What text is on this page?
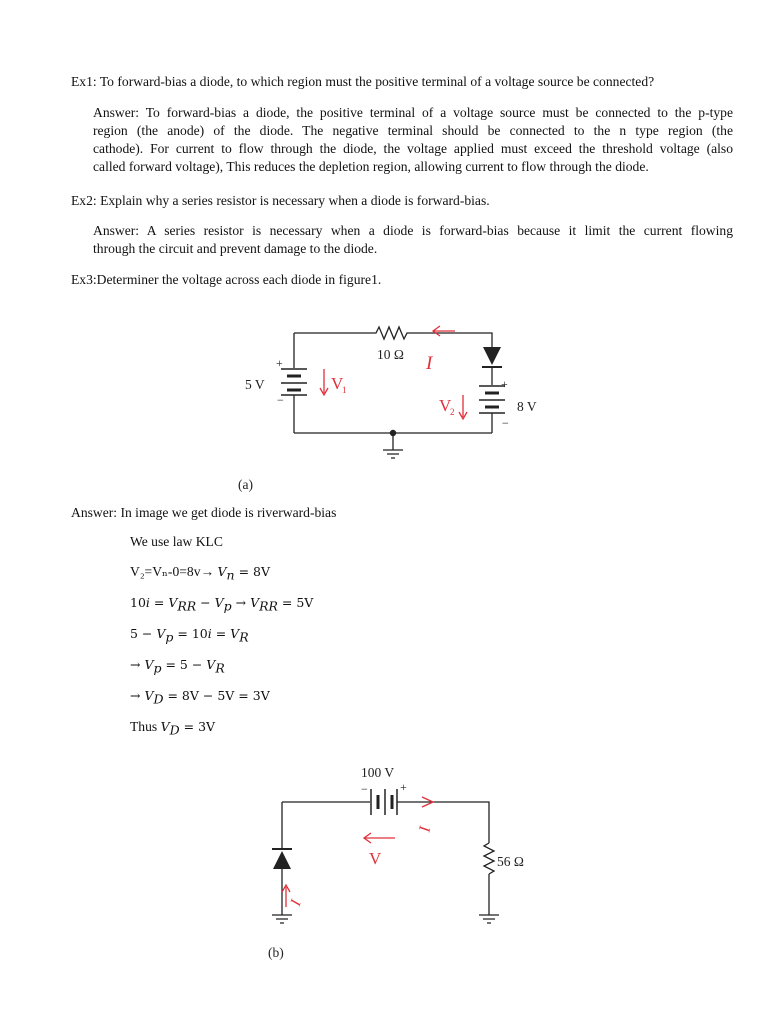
Ex1: To forward-bias a diode, to which region must the positive terminal of a voltage source be connected?
Answer: To forward-bias a diode, the positive terminal of a voltage source must be connected to the p-type
region (the anode) of the diode. The negative terminal should be connected to the n type region (the
cathode). For current to flow through the diode, the voltage applied must exceed the threshold voltage (also
called forward voltage), This reduces the depletion region, allowing current to flow through the diode.
Ex2: Explain why a series resistor is necessary when a diode is forward-bias.
Answer: A series resistor is necessary when a diode is forward-bias because it limit the current flowing
through the circuit and prevent damage to the diode.
Ex3:Determiner the voltage across each diode in figure1.
10 Ω
5 V
8 V
+
−
+
−
(a)
I
V
1
V
2
Answer: In image we get diode is riverward-bias
We use law KLC
$V_2=V_n-0=8v\to V_n = 8V$
$10i = V_{RR} - V_p \to V_{RR} = 5V$
$5 - V_p = 10i = V_R$
→ $V_p = 5 - V_R$
→ $V_D = 8V - 5V = 3V$
Thus $V_D = 3V$
100 V
+
−
56 Ω
(b)
I
V
I
